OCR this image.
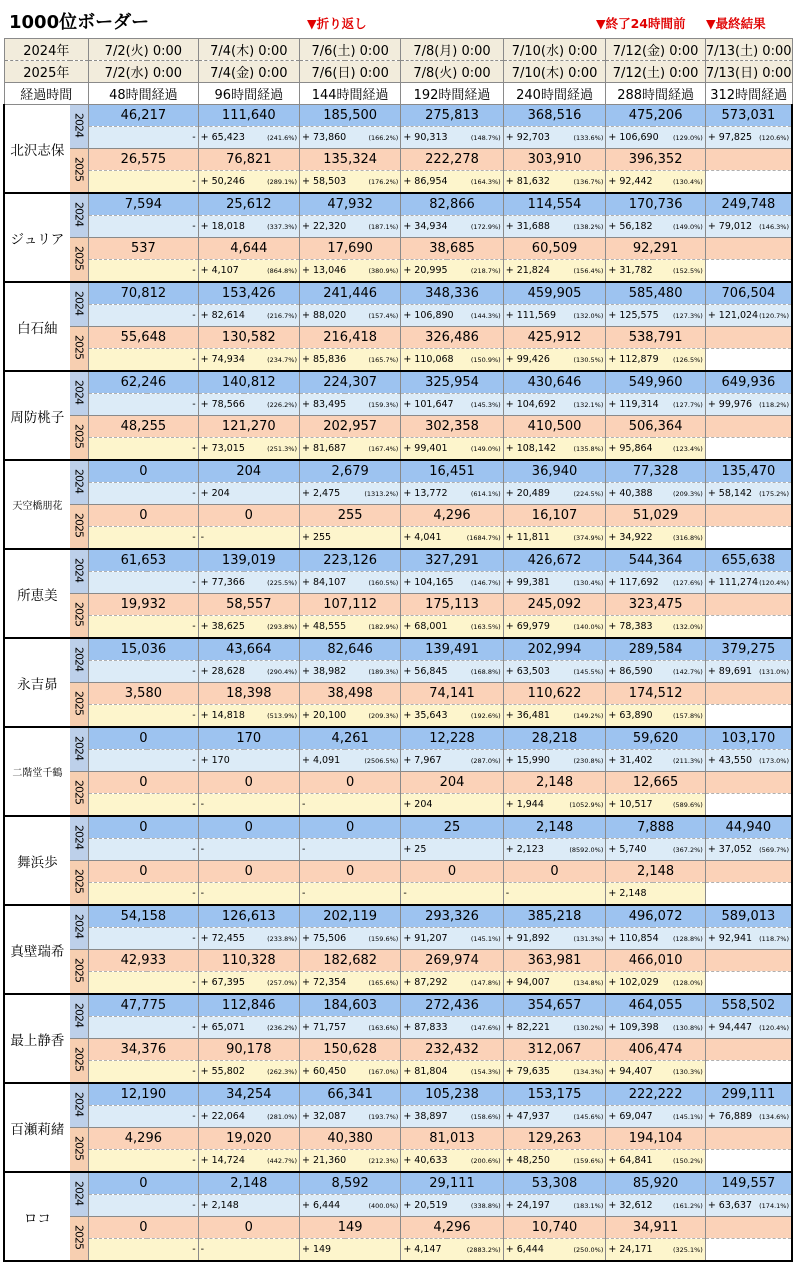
1000位ボーダー	▼折り返し	▼終了24時間前 ▼最終結果
2024年		7/2(火) 0:00	7/4(木) 0:00	7/6(土) 0:00	7/8(月) 0:00	7/10(水) 0:00	7/12(金) 0:00	7/13(土) 0:00
2025年		7/2(水) 0:00	7/4(金) 0:00	7/6(日) 0:00	7/8(火) 0:00	7/10(木) 0:00	7/12(土) 0:00	7/13(日) 0:00
経過時間		48時間経過	96時間経過	144時間経過	192時間経過	240時間経過	288時間経過	312時間経過
北沢志保	2024	46,217	111,640	185,500	275,813	368,516	475,206	573,031

		-	+ 65,423 (241.6%)	+ 73,860 (166.2%)	+ 90,313 (148.7%)	+ 92,703 (133.6%)	+ 106,690 (129.0%)	+ 97,825 (120.6%)

	2025	26,575	76,821	135,324	222,278	303,910	396,352	

		-	+ 50,246 (289.1%)	+ 58,503 (176.2%)	+ 86,954 (164.3%)	+ 81,632 (136.7%)	+ 92,442 (130.4%)	

ジュリア	2024	7,594	25,612	47,932	82,866	114,554	170,736	249,748

		-	+ 18,018 (337.3%)	+ 22,320 (187.1%)	+ 34,934 (172.9%)	+ 31,688 (138.2%)	+ 56,182 (149.0%)	+ 79,012 (146.3%)

	2025	537	4,644	17,690	38,685	60,509	92,291	

		-	+ 4,107 (864.8%)	+ 13,046 (380.9%)	+ 20,995 (218.7%)	+ 21,824 (156.4%)	+ 31,782 (152.5%)	

白石紬	2024	70,812	153,426	241,446	348,336	459,905	585,480	706,504

		-	+ 82,614 (216.7%)	+ 88,020 (157.4%)	+ 106,890 (144.3%)	+ 111,569 (132.0%)	+ 125,575 (127.3%)	+ 121,024 (120.7%)

	2025	55,648	130,582	216,418	326,486	425,912	538,791	

		-	+ 74,934 (234.7%)	+ 85,836 (165.7%)	+ 110,068 (150.9%)	+ 99,426 (130.5%)	+ 112,879 (126.5%)	

周防桃子	2024	62,246	140,812	224,307	325,954	430,646	549,960	649,936

		-	+ 78,566 (226.2%)	+ 83,495 (159.3%)	+ 101,647 (145.3%)	+ 104,692 (132.1%)	+ 119,314 (127.7%)	+ 99,976 (118.2%)

	2025	48,255	121,270	202,957	302,358	410,500	506,364	

		-	+ 73,015 (251.3%)	+ 81,687 (167.4%)	+ 99,401 (149.0%)	+ 108,142 (135.8%)	+ 95,864 (123.4%)	

天空橋朋花	2024	0	204	2,679	16,451	36,940	77,328	135,470

		-	+ 204	+ 2,475 (1313.2%)	+ 13,772 (614.1%)	+ 20,489 (224.5%)	+ 40,388 (209.3%)	+ 58,142 (175.2%)

	2025	0	0	255	4,296	16,107	51,029	

		-	-	+ 255	+ 4,041 (1684.7%)	+ 11,811 (374.9%)	+ 34,922 (316.8%)	

所恵美	2024	61,653	139,019	223,126	327,291	426,672	544,364	655,638

		-	+ 77,366 (225.5%)	+ 84,107 (160.5%)	+ 104,165 (146.7%)	+ 99,381 (130.4%)	+ 117,692 (127.6%)	+ 111,274 (120.4%)

	2025	19,932	58,557	107,112	175,113	245,092	323,475	

		-	+ 38,625 (293.8%)	+ 48,555 (182.9%)	+ 68,001 (163.5%)	+ 69,979 (140.0%)	+ 78,383 (132.0%)	

永吉昴	2024	15,036	43,664	82,646	139,491	202,994	289,584	379,275

		-	+ 28,628 (290.4%)	+ 38,982 (189.3%)	+ 56,845 (168.8%)	+ 63,503 (145.5%)	+ 86,590 (142.7%)	+ 89,691 (131.0%)

	2025	3,580	18,398	38,498	74,141	110,622	174,512	

		-	+ 14,818 (513.9%)	+ 20,100 (209.3%)	+ 35,643 (192.6%)	+ 36,481 (149.2%)	+ 63,890 (157.8%)	

二階堂千鶴	2024	0	170	4,261	12,228	28,218	59,620	103,170

		-	+ 170	+ 4,091 (2506.5%)	+ 7,967 (287.0%)	+ 15,990 (230.8%)	+ 31,402 (211.3%)	+ 43,550 (173.0%)

	2025	0	0	0	204	2,148	12,665	

		-	-	-	+ 204	+ 1,944 (1052.9%)	+ 10,517 (589.6%)	

舞浜歩	2024	0	0	0	25	2,148	7,888	44,940

		-	-	-	+ 25	+ 2,123 (8592.0%)	+ 5,740 (367.2%)	+ 37,052 (569.7%)

	2025	0	0	0	0	0	2,148	

		-	-	-	-	-	+ 2,148	

真壁瑞希	2024	54,158	126,613	202,119	293,326	385,218	496,072	589,013

		-	+ 72,455 (233.8%)	+ 75,506 (159.6%)	+ 91,207 (145.1%)	+ 91,892 (131.3%)	+ 110,854 (128.8%)	+ 92,941 (118.7%)

	2025	42,933	110,328	182,682	269,974	363,981	466,010	

		-	+ 67,395 (257.0%)	+ 72,354 (165.6%)	+ 87,292 (147.8%)	+ 94,007 (134.8%)	+ 102,029 (128.0%)	

最上静香	2024	47,775	112,846	184,603	272,436	354,657	464,055	558,502

		-	+ 65,071 (236.2%)	+ 71,757 (163.6%)	+ 87,833 (147.6%)	+ 82,221 (130.2%)	+ 109,398 (130.8%)	+ 94,447 (120.4%)

	2025	34,376	90,178	150,628	232,432	312,067	406,474	

		-	+ 55,802 (262.3%)	+ 60,450 (167.0%)	+ 81,804 (154.3%)	+ 79,635 (134.3%)	+ 94,407 (130.3%)	

百瀬莉緒	2024	12,190	34,254	66,341	105,238	153,175	222,222	299,111

		-	+ 22,064 (281.0%)	+ 32,087 (193.7%)	+ 38,897 (158.6%)	+ 47,937 (145.6%)	+ 69,047 (145.1%)	+ 76,889 (134.6%)

	2025	4,296	19,020	40,380	81,013	129,263	194,104	

		-	+ 14,724 (442.7%)	+ 21,360 (212.3%)	+ 40,633 (200.6%)	+ 48,250 (159.6%)	+ 64,841 (150.2%)	

ロコ	2024	0	2,148	8,592	29,111	53,308	85,920	149,557

		-	+ 2,148	+ 6,444 (400.0%)	+ 20,519 (338.8%)	+ 24,197 (183.1%)	+ 32,612 (161.2%)	+ 63,637 (174.1%)

	2025	0	0	149	4,296	10,740	34,911	

		-	-	+ 149	+ 4,147 (2883.2%)	+ 6,444 (250.0%)	+ 24,171 (325.1%)	
